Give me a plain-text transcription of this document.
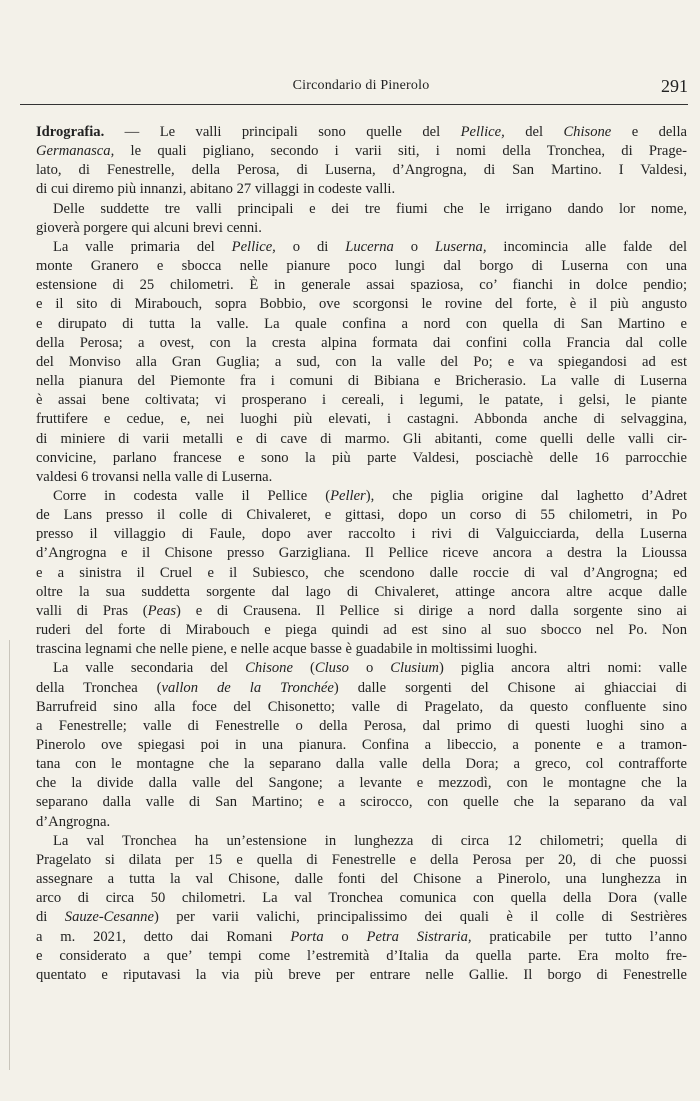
Circondario di Pinerolo	291

Idrografia. — Le valli principali sono quelle del Pellice, del Chisone e della

Germanasca, le quali pigliano, secondo i varii siti, i nomi della Tronchea, di Prage-

lato, di Fenestrelle, della Perosa, di Luserna, d’Angrogna, di San Martino. I Valdesi,

di cui diremo più innanzi, abitano 27 villaggi in codeste valli.

Delle suddette tre valli principali e dei tre fiumi che le irrigano dando lor nome,

gioverà porgere qui alcuni brevi cenni.

La valle primaria del Pellice, o di Lucerna o Luserna, incomincia alle falde del

monte Granero e sbocca nelle pianure poco lungi dal borgo di Luserna con una

estensione di 25 chilometri. È in generale assai spaziosa, co’ fianchi in dolce pendio;

e il sito di Mirabouch, sopra Bobbio, ove scorgonsi le rovine del forte, è il più angusto

e dirupato di tutta la valle. La quale confina a nord con quella di San Martino e

della Perosa; a ovest, con la cresta alpina formata dai confini colla Francia dal colle

del Monviso alla Gran Guglia; a sud, con la valle del Po; e va spiegandosi ad est

nella pianura del Piemonte fra i comuni di Bibiana e Bricherasio. La valle di Luserna

è assai bene coltivata; vi prosperano i cereali, i legumi, le patate, i gelsi, le piante

fruttifere e cedue, e, nei luoghi più elevati, i castagni. Abbonda anche di selvaggina,

di miniere di varii metalli e di cave di marmo. Gli abitanti, come quelli delle valli cir-

convicine, parlano francese e sono la più parte Valdesi, posciachè delle 16 parrocchie

valdesi 6 trovansi nella valle di Luserna.

Corre in codesta valle il Pellice (Peller), che piglia origine dal laghetto d’Adret

de Lans presso il colle di Chivaleret, e gittasi, dopo un corso di 55 chilometri, in Po

presso il villaggio di Faule, dopo aver raccolto i rivi di Valguicciarda, della Luserna

d’Angrogna e il Chisone presso Garzigliana. Il Pellice riceve ancora a destra la Lioussa

e a sinistra il Cruel e il Subiesco, che scendono dalle roccie di val d’Angrogna; ed

oltre la sua suddetta sorgente dal lago di Chivaleret, attinge ancora altre acque dalle

valli di Pras (Peas) e di Crausena. Il Pellice si dirige a nord dalla sorgente sino ai

ruderi del forte di Mirabouch e piega quindi ad est sino al suo sbocco nel Po. Non

trascina legnami che nelle piene, e nelle acque basse è guadabile in moltissimi luoghi.

La valle secondaria del Chisone (Cluso o Clusium) piglia ancora altri nomi: valle

della Tronchea (vallon de la Tronchée) dalle sorgenti del Chisone ai ghiacciai di

Barrufreid sino alla foce del Chisonetto; valle di Pragelato, da questo confluente sino

a Fenestrelle; valle di Fenestrelle o della Perosa, dal primo di questi luoghi sino a

Pinerolo ove spiegasi poi in una pianura. Confina a libeccio, a ponente e a tramon-

tana con le montagne che la separano dalla valle della Dora; a greco, col contrafforte

che la divide dalla valle del Sangone; a levante e mezzodì, con le montagne che la

separano dalla valle di San Martino; e a scirocco, con quelle che la separano da val

d’Angrogna.

La val Tronchea ha un’estensione in lunghezza di circa 12 chilometri; quella di

Pragelato si dilata per 15 e quella di Fenestrelle e della Perosa per 20, di che puossi

assegnare a tutta la val Chisone, dalle fonti del Chisone a Pinerolo, una lunghezza in

arco di circa 50 chilometri. La val Tronchea comunica con quella della Dora (valle

di Sauze-Cesanne) per varii valichi, principalissimo dei quali è il colle di Sestrières

a m. 2021, detto dai Romani Porta o Petra Sistraria, praticabile per tutto l’anno

e considerato a que’ tempi come l’estremità d’Italia da quella parte. Era molto fre-

quentato e riputavasi la via più breve per entrare nelle Gallie. Il borgo di Fenestrelle
